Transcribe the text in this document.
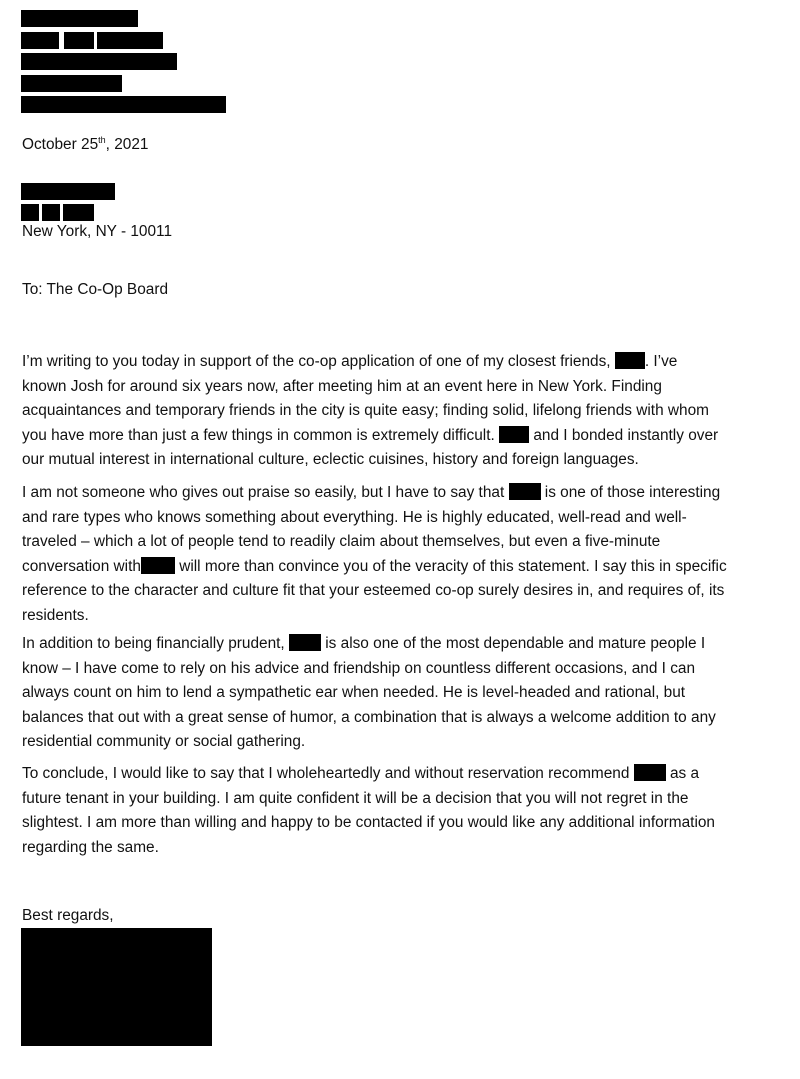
October 25th, 2021
New York, NY - 10011
To: The Co-Op Board
I’m writing to you today in support of the co-op application of one of my closest friends, . I’ve
known Josh for around six years now, after meeting him at an event here in New York. Finding
acquaintances and temporary friends in the city is quite easy; finding solid, lifelong friends with whom
you have more than just a few things in common is extremely difficult.  and I bonded instantly over
our mutual interest in international culture, eclectic cuisines, history and foreign languages.
I am not someone who gives out praise so easily, but I have to say that  is one of those interesting
and rare types who knows something about everything. He is highly educated, well-read and well-
traveled – which a lot of people tend to readily claim about themselves, but even a five-minute
conversation with will more than convince you of the veracity of this statement. I say this in specific
reference to the character and culture fit that your esteemed co-op surely desires in, and requires of, its
residents.
In addition to being financially prudent,  is also one of the most dependable and mature people I
know – I have come to rely on his advice and friendship on countless different occasions, and I can
always count on him to lend a sympathetic ear when needed. He is level-headed and rational, but
balances that out with a great sense of humor, a combination that is always a welcome addition to any
residential community or social gathering.
To conclude, I would like to say that I wholeheartedly and without reservation recommend  as a
future tenant in your building. I am quite confident it will be a decision that you will not regret in the
slightest. I am more than willing and happy to be contacted if you would like any additional information
regarding the same.
Best regards,
